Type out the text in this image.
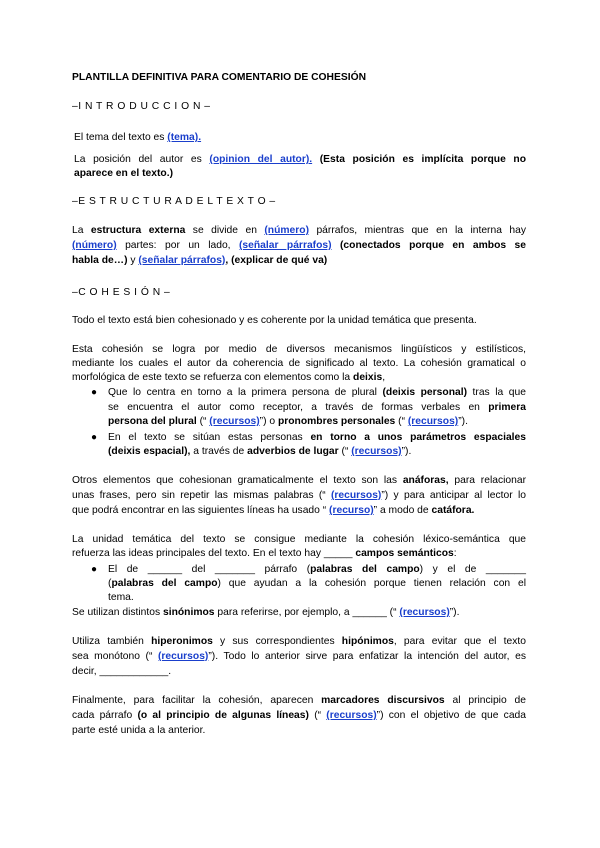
PLANTILLA DEFINITIVA PARA COMENTARIO DE COHESIÓN
–I N T R O D U C C I O N –
El tema del texto es (tema).
La posición del autor es (opinion del autor). (Esta posición es implícita porque no
aparece en el texto.)
–E S T R U C T U R A D E L T E X T O –
La estructura externa se divide en (número) párrafos, mientras que en la interna hay
(número) partes: por un lado, (señalar párrafos) (conectados porque en ambos se
habla de…) y (señalar párrafos), (explicar de qué va)
–C O H E S I Ó N –
Todo el texto está bien cohesionado y es coherente por la unidad temática que presenta.
Esta cohesión se logra por medio de diversos mecanismos lingüísticos y estilísticos,
mediante los cuales el autor da coherencia de significado al texto. La cohesión gramatical o
morfológica de este texto se refuerza con elementos como la deixis,
● Que lo centra en torno a la primera persona de plural (deixis personal) tras la que
se encuentra el autor como receptor, a través de formas verbales en primera
persona del plural (“ (recursos)”) o pronombres personales (“ (recursos)”).
● En el texto se sitúan estas personas en torno a unos parámetros espaciales
(deixis espacial), a través de adverbios de lugar (“ (recursos)”).
Otros elementos que cohesionan gramaticalmente el texto son las anáforas, para relacionar
unas frases, pero sin repetir las mismas palabras (“ (recursos)”) y para anticipar al lector lo
que podrá encontrar en las siguientes líneas ha usado “ (recurso)” a modo de catáfora.
La unidad temática del texto se consigue mediante la cohesión léxico-semántica que
refuerza las ideas principales del texto. En el texto hay _____ campos semánticos:
● El de ______ del _______ párrafo (palabras del campo) y el de _______
(palabras del campo) que ayudan a la cohesión porque tienen relación con el
tema.
Se utilizan distintos sinónimos para referirse, por ejemplo, a ______ (“ (recursos)”).
Utiliza también hiperonimos y sus correspondientes hipónimos, para evitar que el texto
sea monótono (“ (recursos)”). Todo lo anterior sirve para enfatizar la intención del autor, es
decir, ____________.
Finalmente, para facilitar la cohesión, aparecen marcadores discursivos al principio de
cada párrafo (o al principio de algunas líneas) (“ (recursos)”) con el objetivo de que cada
parte esté unida a la anterior.
